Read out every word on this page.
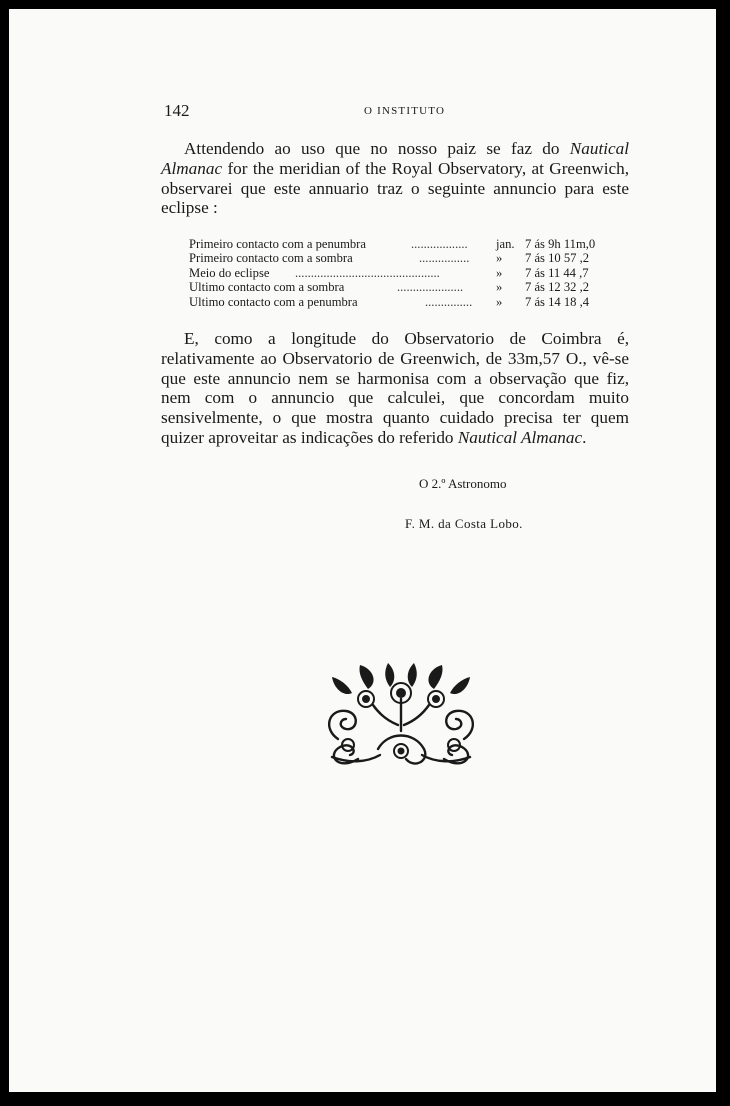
142	O INSTITUTO

Attendendo ao uso que no nosso paiz se faz do Nautical Almanac for the meridian of the Royal Observatory, at Greenwich, observarei que este annuario traz o seguinte annuncio para este eclipse :

Primeiro contacto com a penumbra	.................. jan. 7 ás 9h 11m,0
Primeiro contacto com a sombra	................ » 7 ás 10 57 ,2
Meio do eclipse ..............................................	» 7 ás 11 44 ,7
Ultimo contacto com a sombra	.....................	» 7 ás 12 32 ,2
Ultimo contacto com a penumbra	............... » 7 ás 14 18 ,4

E, como a longitude do Observatorio de Coimbra é, relativamente ao Observatorio de Greenwich, de 33m,57 O., vê-se que este annuncio nem se harmonisa com a observação que fiz, nem com o annuncio que calculei, que concordam muito sensivelmente, o que mostra quanto cuidado precisa ter quem quizer aproveitar as indicações do referido Nautical Almanac.

O 2.º Astronomo
F. M. da Costa Lobo.
